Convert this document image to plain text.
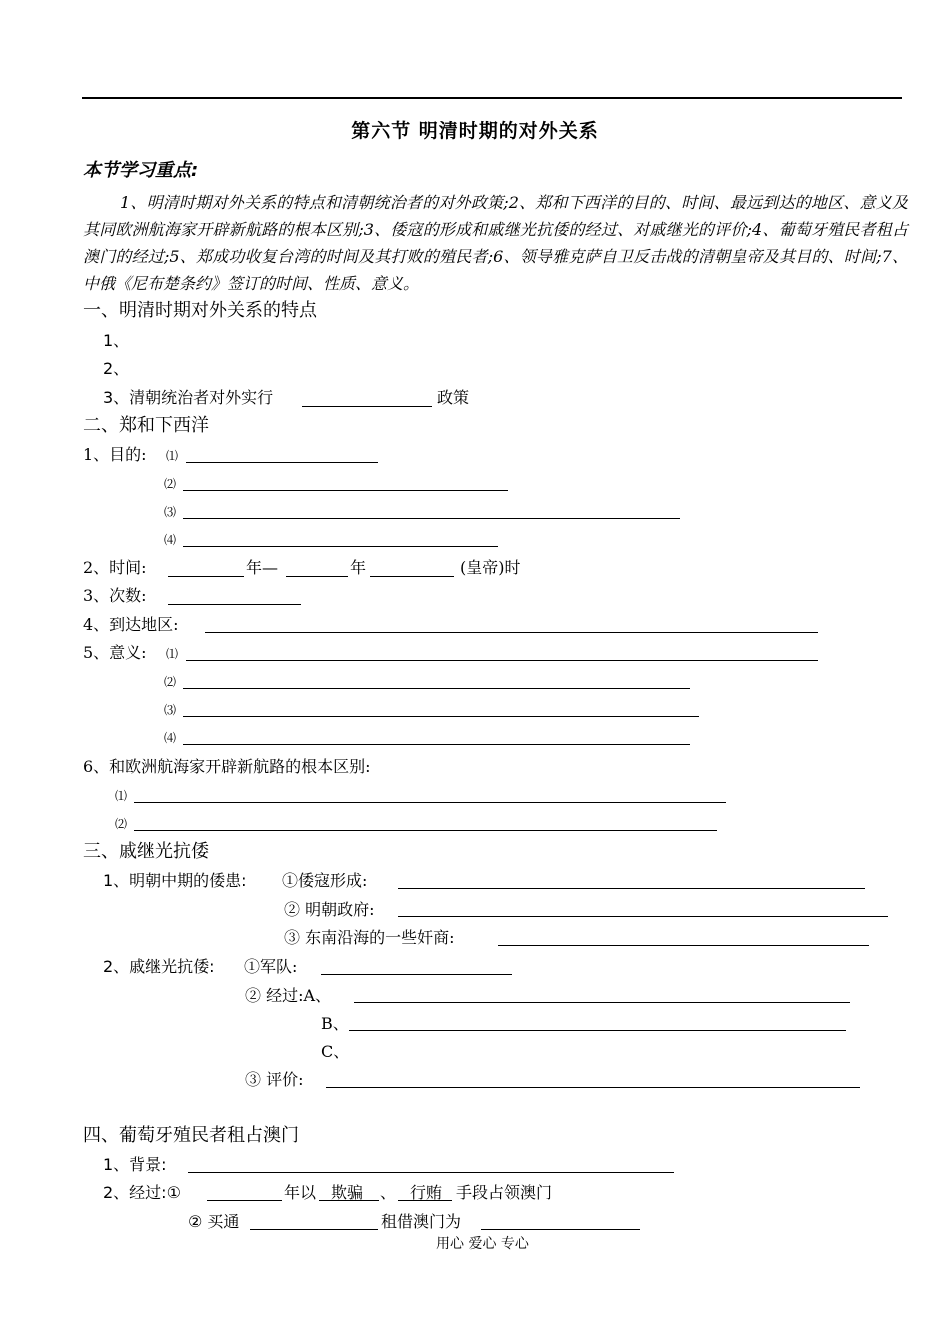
第六节 明清时期的对外关系
本节学习重点:
1、明清时期对外关系的特点和清朝统治者的对外政策;2、郑和下西洋的目的、时间、最远到达的地区、意义及其同欧洲航海家开辟新航路的根本区别;3、倭寇的形成和戚继光抗倭的经过、对戚继光的评价;4、葡萄牙殖民者租占澳门的经过;5、郑成功收复台湾的时间及其打败的殖民者;6、领导雅克萨自卫反击战的清朝皇帝及其目的、时间;7、中俄《尼布楚条约》签订的时间、性质、意义。
一、明清时期对外关系的特点
1、
2、
3、清朝统治者对外实行	政策
二、郑和下西洋
1、目的: ⑴
⑵
⑶
⑷
2、时间:	年—	年	(皇帝)时
3、次数:
4、到达地区:
5、意义: ⑴
⑵
⑶
⑷
6、和欧洲航海家开辟新航路的根本区别:
⑴
⑵
三、戚继光抗倭
1、明朝中期的倭患: ①倭寇形成:
② 明朝政府:
③ 东南沿海的一些奸商:
2、戚继光抗倭: ①军队:
② 经过:A、
B、
C、
③ 评价:
四、葡萄牙殖民者租占澳门
1、背景:
2、经过:①	年以 欺骗 、 行贿 手段占领澳门
② 买通	租借澳门为
用心 爱心 专心
